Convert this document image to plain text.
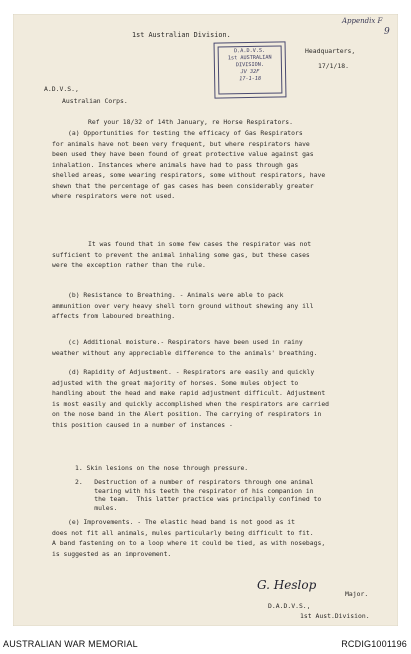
9
Appendix F
1st Australian Division.
Headquarters,
17/1/18.
D.A.D.V.S.
1st AUSTRALIAN
DIVISION.
JV 32F
17-1-18
A.D.V.S.,
Australian Corps.
Ref your 18/32 of 14th January, re Horse Respirators.
(a) Opportunities for testing the efficacy of Gas Respirators
for animals have not been very frequent, but where respirators have
been used they have been found of great protective value against gas
inhalation. Instances where animals have had to pass through gas
shelled areas, some wearing respirators, some without respirators, have
shewn that the percentage of gas cases has been considerably greater
where respirators were not used.
It was found that in some few cases the respirator was not
sufficient to prevent the animal inhaling some gas, but these cases
were the exception rather than the rule.
(b) Resistance to Breathing. - Animals were able to pack
ammunition over very heavy shell torn ground without shewing any ill
affects from laboured breathing.
(c) Additional moisture.- Respirators have been used in rainy
weather without any appreciable difference to the animals' breathing.
(d) Rapidity of Adjustment. - Respirators are easily and quickly
adjusted with the great majority of horses. Some mules object to
handling about the head and make rapid adjustment difficult. Adjustment
is most easily and quickly accomplished when the respirators are carried
on the nose band in the Alert position. The carrying of respirators in
this position caused in a number of instances -
1. Skin lesions on the nose through pressure.
2.   Destruction of a number of respirators through one animal
tearing with his teeth the respirator of his companion in
the team.  This latter practice was principally confined to
mules.
(e) Improvements. - The elastic head band is not good as it
does not fit all animals, mules particularly being difficult to fit.
A band fastening on to a loop where it could be tied, as with nosebags,
is suggested as an improvement.
G. Heslop
Major.
D.A.D.V.S.,
1st Aust.Division.
AUSTRALIAN WAR MEMORIAL	RCDIG1001196
